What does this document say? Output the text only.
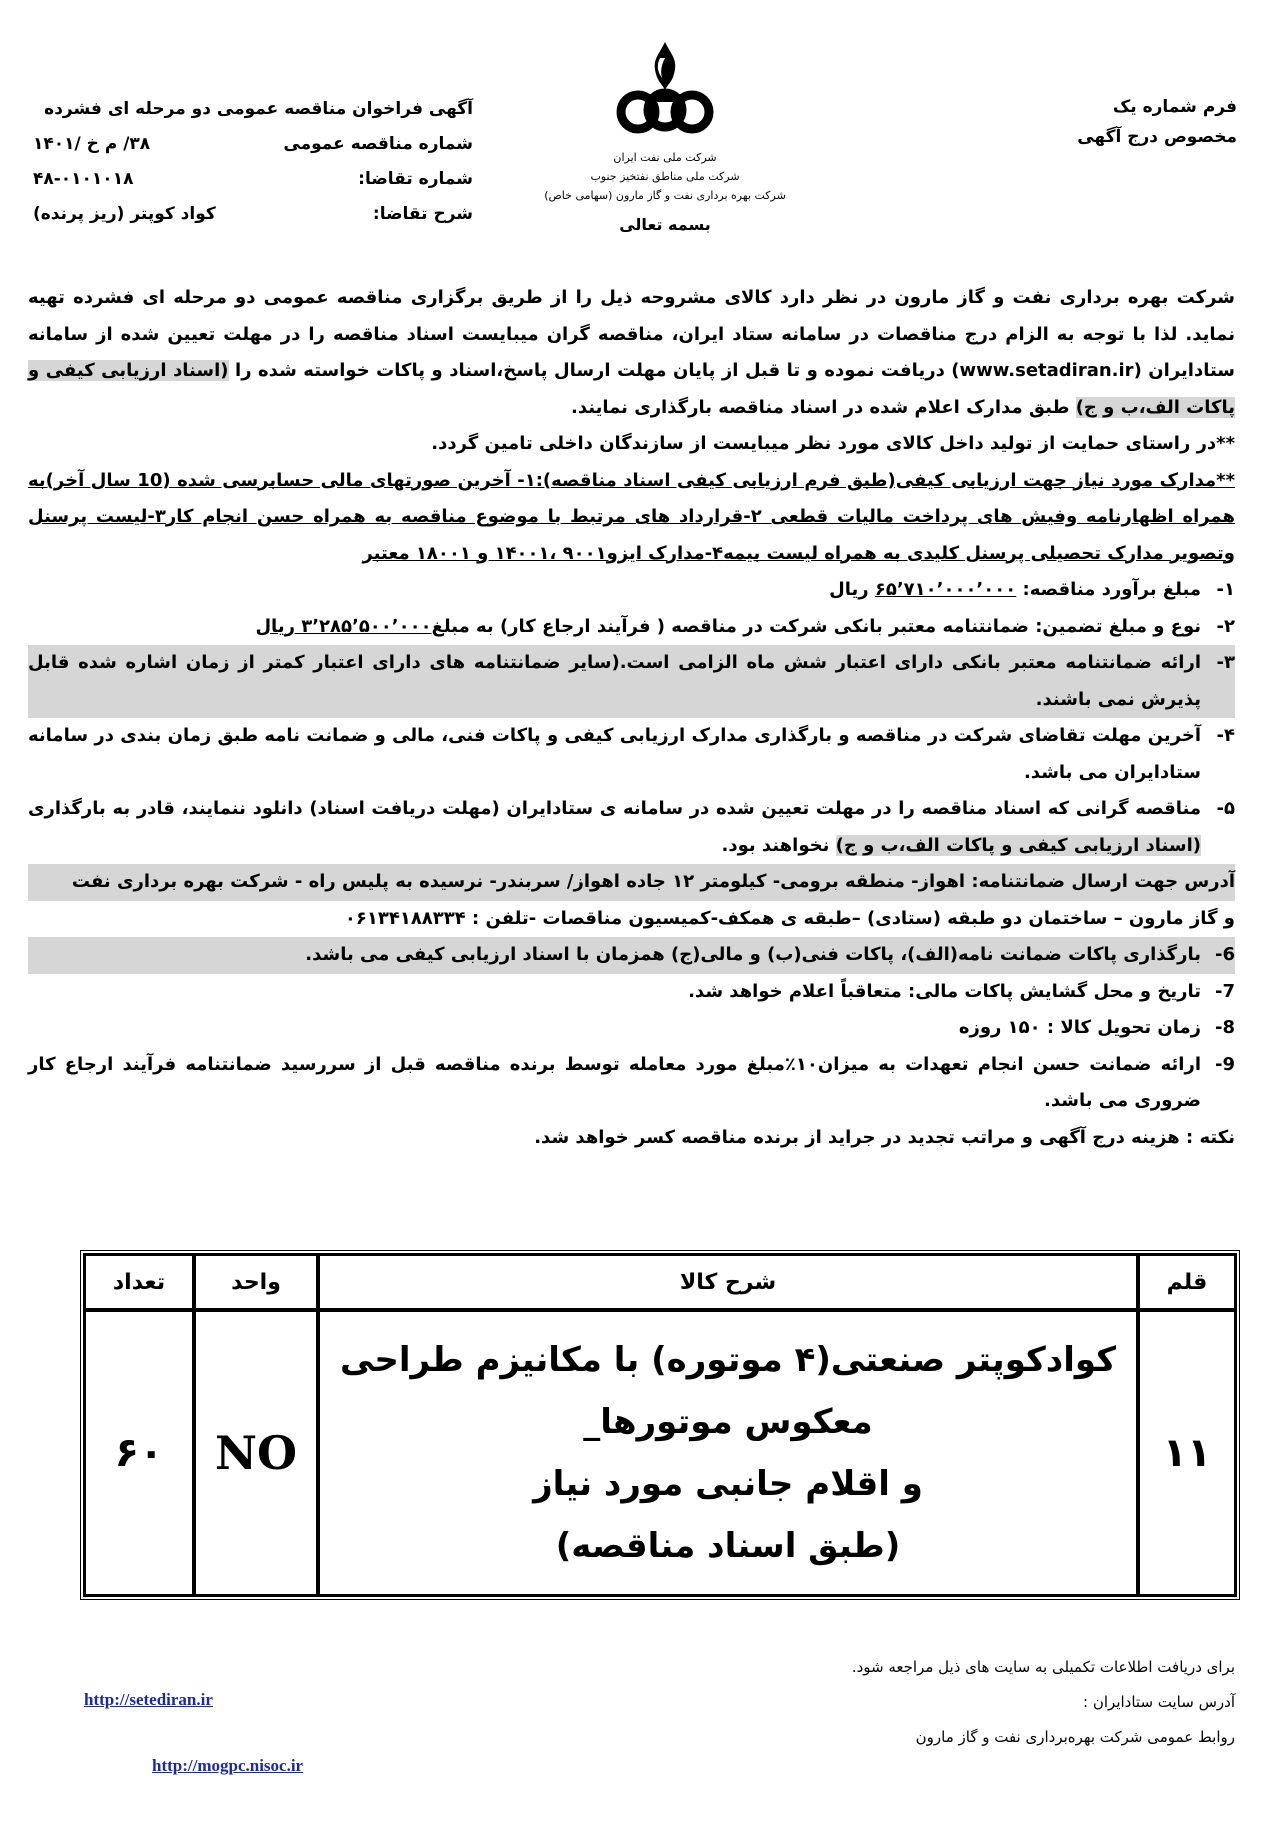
فرم شماره یک
مخصوص درج آگهی
شرکت ملی نفت ایران
شرکت ملی مناطق نفتخیز جنوب
شرکت بهره برداری نفت و گاز مارون (سهامی خاص)
بسمه تعالی
آگهی فراخوان مناقصه عمومی دو مرحله ای فشرده
شماره مناقصه عمومی
۳۸/ م خ /۱۴۰۱
شماره تقاضا:
۴۸-۰۱۰۱۰۱۸
شرح تقاضا:
کواد کوپتر (ریز پرنده)

شرکت بهره برداری نفت و گاز مارون در نظر دارد کالای مشروحه ذیل را از طریق برگزاری مناقصه عمومی دو مرحله ای فشرده تهیه نماید. لذا با توجه به الزام درج مناقصات در سامانه ستاد ایران، مناقصه گران میبایست اسناد مناقصه را در مهلت تعیین شده از سامانه ستادایران (www.setadiran.ir) دریافت نموده و تا قبل از پایان مهلت ارسال پاسخ،اسناد و پاکات خواسته شده را (اسناد ارزیابی کیفی و پاکات الف،ب و ج) طبق مدارک اعلام شده در اسناد مناقصه بارگذاری نمایند.

**در راستای حمایت از تولید داخل کالای مورد نظر میبایست از سازندگان داخلی تامین گردد.

**مدارک مورد نیاز جهت ارزیابی کیفی(طبق فرم ارزیابی کیفی اسناد مناقصه):۱- آخرین صورتهای مالی حسابرسی شده (10 سال آخر)به همراه اظهارنامه وفیش های پرداخت مالیات قطعی ۲-قرارداد های مرتبط با موضوع مناقصه به همراه حسن انجام کار۳-لیست پرسنل وتصویر مدارک تحصیلی پرسنل کلیدی به همراه لیست بیمه۴-مدارک ایزو۹۰۰۱ ،۱۴۰۰۱ و ۱۸۰۰۱ معتبر

۱-
مبلغ برآورد مناقصه: ۶۵٬۷۱۰٬۰۰۰٬۰۰۰ ریال
۲-
نوع و مبلغ تضمین: ضمانتنامه معتبر بانکی شرکت در مناقصه ( فرآیند ارجاع کار) به مبلغ۳٬۲۸۵٬۵۰۰٬۰۰۰ ریال
۳-
ارائه ضمانتنامه معتبر بانکی دارای اعتبار شش ماه الزامی است.(سایر ضمانتنامه های دارای اعتبار کمتر از زمان اشاره شده قابل پذیرش نمی باشند.
۴-
آخرین مهلت تقاضای شرکت در مناقصه و بارگذاری مدارک ارزیابی کیفی و پاکات فنی، مالی و ضمانت نامه طبق زمان بندی در سامانه ستادایران می باشد.
۵-
مناقصه گرانی که اسناد مناقصه را در مهلت تعیین شده در سامانه ی ستادایران (مهلت دریافت اسناد) دانلود ننمایند، قادر به بارگذاری (اسناد ارزیابی کیفی و پاکات الف،ب و ج) نخواهند بود.

آدرس جهت ارسال ضمانتنامه: اهواز- منطقه برومی- کیلومتر ۱۲ جاده اهواز/ سربندر- نرسیده به پلیس راه - شرکت بهره برداری نفت

و گاز مارون – ساختمان دو طبقه (ستادی) –طبقه ی همکف-کمیسیون مناقصات -تلفن : ۰۶۱۳۴۱۸۸۳۳۴

6-
بارگذاری پاکات ضمانت نامه(الف)، پاکات فنی(ب) و مالی(ج) همزمان با اسناد ارزیابی کیفی می باشد.
7-
تاریخ و محل گشایش پاکات مالی: متعاقباً اعلام خواهد شد.
8-
زمان تحویل کالا : ۱۵۰ روزه
9-
ارائه ضمانت حسن انجام تعهدات به میزان۱۰٪مبلغ مورد معامله توسط برنده مناقصه قبل از سررسید ضمانتنامه فرآیند ارجاع کار ضروری می باشد.

نکته : هزینه درج آگهی و مراتب تجدید در جراید از برنده مناقصه کسر خواهد شد.

قلم	شرح کالا	واحد	تعداد
۱۱	کوادکوپتر صنعتی(۴ موتوره) با مکانیزم طراحی
معکوس موتورها_
و اقلام جانبی مورد نیاز
(طبق اسناد مناقصه)	NO	۶۰
برای دریافت اطلاعات تکمیلی به سایت های ذیل مراجعه شود.
آدرس سایت ستادایران :
روابط عمومی شرکت بهره‌برداری نفت و گاز مارون
http://setediran.ir
http://mogpc.nisoc.ir
